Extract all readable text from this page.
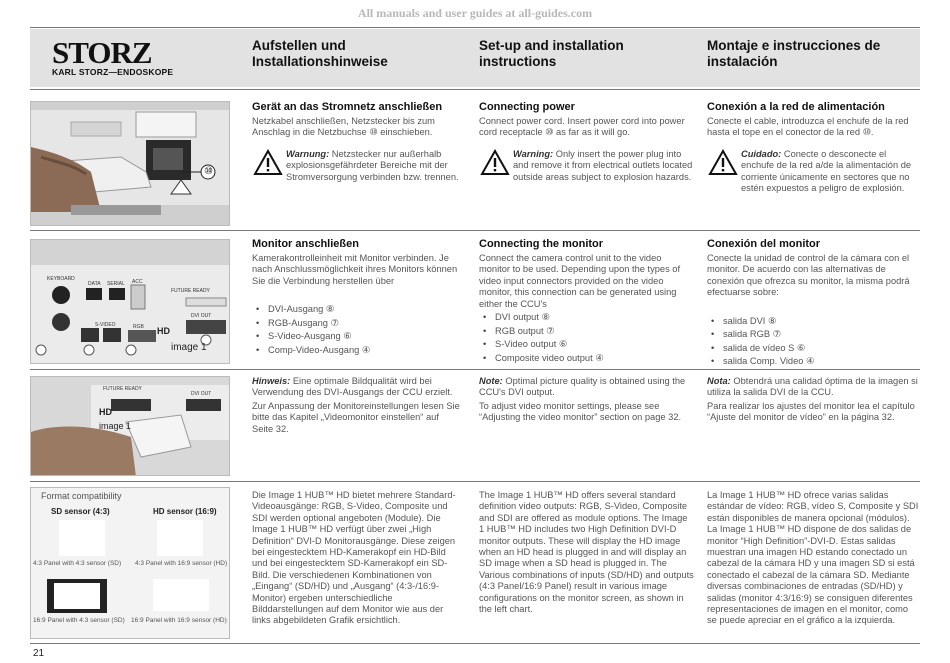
All manuals and user guides at all-guides.com
STORZ
KARL STORZ—ENDOSKOPE
Aufstellen und Installationshinweise
Set-up and installation instructions
Montaje e instrucciones de instalación
⑩
Gerät an das Stromnetz anschließen
Netzkabel anschließen, Netzstecker bis zum Anschlag in die Netzbuchse ⑩ einschieben.
Warnung: Netzstecker nur außerhalb explosionsgefährdeter Bereiche mit der Stromversorgung verbinden bzw. trennen.
Connecting power
Connect power cord. Insert power cord into power cord receptacle ⑩ as far as it will go.
Warning: Only insert the power plug into and remove it from electrical outlets located outside areas subject to explosion hazards.
Conexión a la red de alimentación
Conecte el cable, introduzca el enchufe de la red hasta el tope en el conector de la red ⑩.
Cuidado: Conecte o desconecte el enchufe de la red a/de la alimentación de corriente únicamente en sectores que no estén expuestos a peligro de explosión.
KEYBOARD
DATA SERIAL ACC
FUTURE READY
DVI OUT
RGB
S-VIDEO
HD
image 1
Monitor anschließen
Kamerakontrolleinheit mit Monitor verbinden. Je nach Anschlussmöglichkeit ihres Monitors können Sie die Verbindung herstellen über
• DVI-Ausgang ⑧
• RGB-Ausgang ⑦
• S-Video-Ausgang ⑥
• Comp-Video-Ausgang ④
Connecting the monitor
Connect the camera control unit to the video monitor to be used. Depending upon the types of video input connectors provided on the video monitor, this connection can be generated using either the CCU's
• DVI output ⑧
• RGB output ⑦
• S-Video output ⑥
• Composite video output ④
Conexión del monitor
Conecte la unidad de control de la cámara con el monitor. De acuerdo con las alternativas de conexión que ofrezca su monitor, la misma podrá efectuarse sobre:
• salida DVI ⑧
• salida RGB ⑦
• salida de vídeo S ⑥
• salida Comp. Video ④
FUTURE READY
DVI OUT
HD
image 1
Hinweis: Eine optimale Bildqualität wird bei Verwendung des DVI-Ausgangs der CCU erzielt.
Zur Anpassung der Monitoreinstellungen lesen Sie bitte das Kapitel „Videomonitor einstellen“ auf Seite 32.
Note: Optimal picture quality is obtained using the CCU's DVI output.
To adjust video monitor settings, please see “Adjusting the video monitor” section on page 32.
Nota: Obtendrá una calidad óptima de la imagen si utiliza la salida DVI de la CCU.
Para realizar los ajustes del monitor lea el capítulo “Ajuste del monitor de vídeo” en la página 32.
Format compatibility
SD sensor (4:3)	HD sensor (16:9)
4:3 Panel with 4:3 sensor (SD) 4:3 Panel with 16:9 sensor (HD)
16:9 Panel with 4:3 sensor (SD) 16:9 Panel with 16:9 sensor (HD)
Die Image 1 HUB™ HD bietet mehrere Standard-Videoausgänge: RGB, S-Video, Composite und SDI werden optional angeboten (Module). Die Image 1 HUB™ HD verfügt über zwei „High Definition“ DVI-D Monitorausgänge. Diese zeigen bei eingestecktem HD-Kamerakopf ein HD-Bild und bei eingestecktem SD-Kamerakopf ein SD-Bild. Die verschiedenen Kombinationen von „Eingang“ (SD/HD) und „Ausgang“ (4:3-/16:9-Monitor) ergeben unterschiedliche Bilddarstellungen auf dem Monitor wie aus der links abgebildeten Grafik ersichtlich.
The Image 1 HUB™ HD offers several standard definition video outputs: RGB, S-Video, Composite and SDI are offered as module options. The Image 1 HUB™ HD includes two High Definition DVI-D monitor outputs. These will display the HD image when an HD head is plugged in and will display an SD image when a SD head is plugged in. The Various combinations of inputs (SD/HD) and outputs (4:3 Panel/16:9 Panel) result in various image configurations on the monitor screen, as shown in the left chart.
La Image 1 HUB™ HD ofrece varias salidas estándar de vídeo: RGB, vídeo S, Composite y SDI están disponibles de manera opcional (módulos). La Image 1 HUB™ HD dispone de dos salidas de monitor “High Definition”-DVI-D. Estas salidas muestran una imagen HD estando conectado un cabezal de la cámara HD y una imagen SD si está conectado el cabezal de la cámara SD. Mediante diversas combinaciones de entradas (SD/HD) y salidas (monitor 4:3/16:9) se consiguen diferentes representaciones de imagen en el monitor, como se puede apreciar en el gráfico a la izquierda.
21
